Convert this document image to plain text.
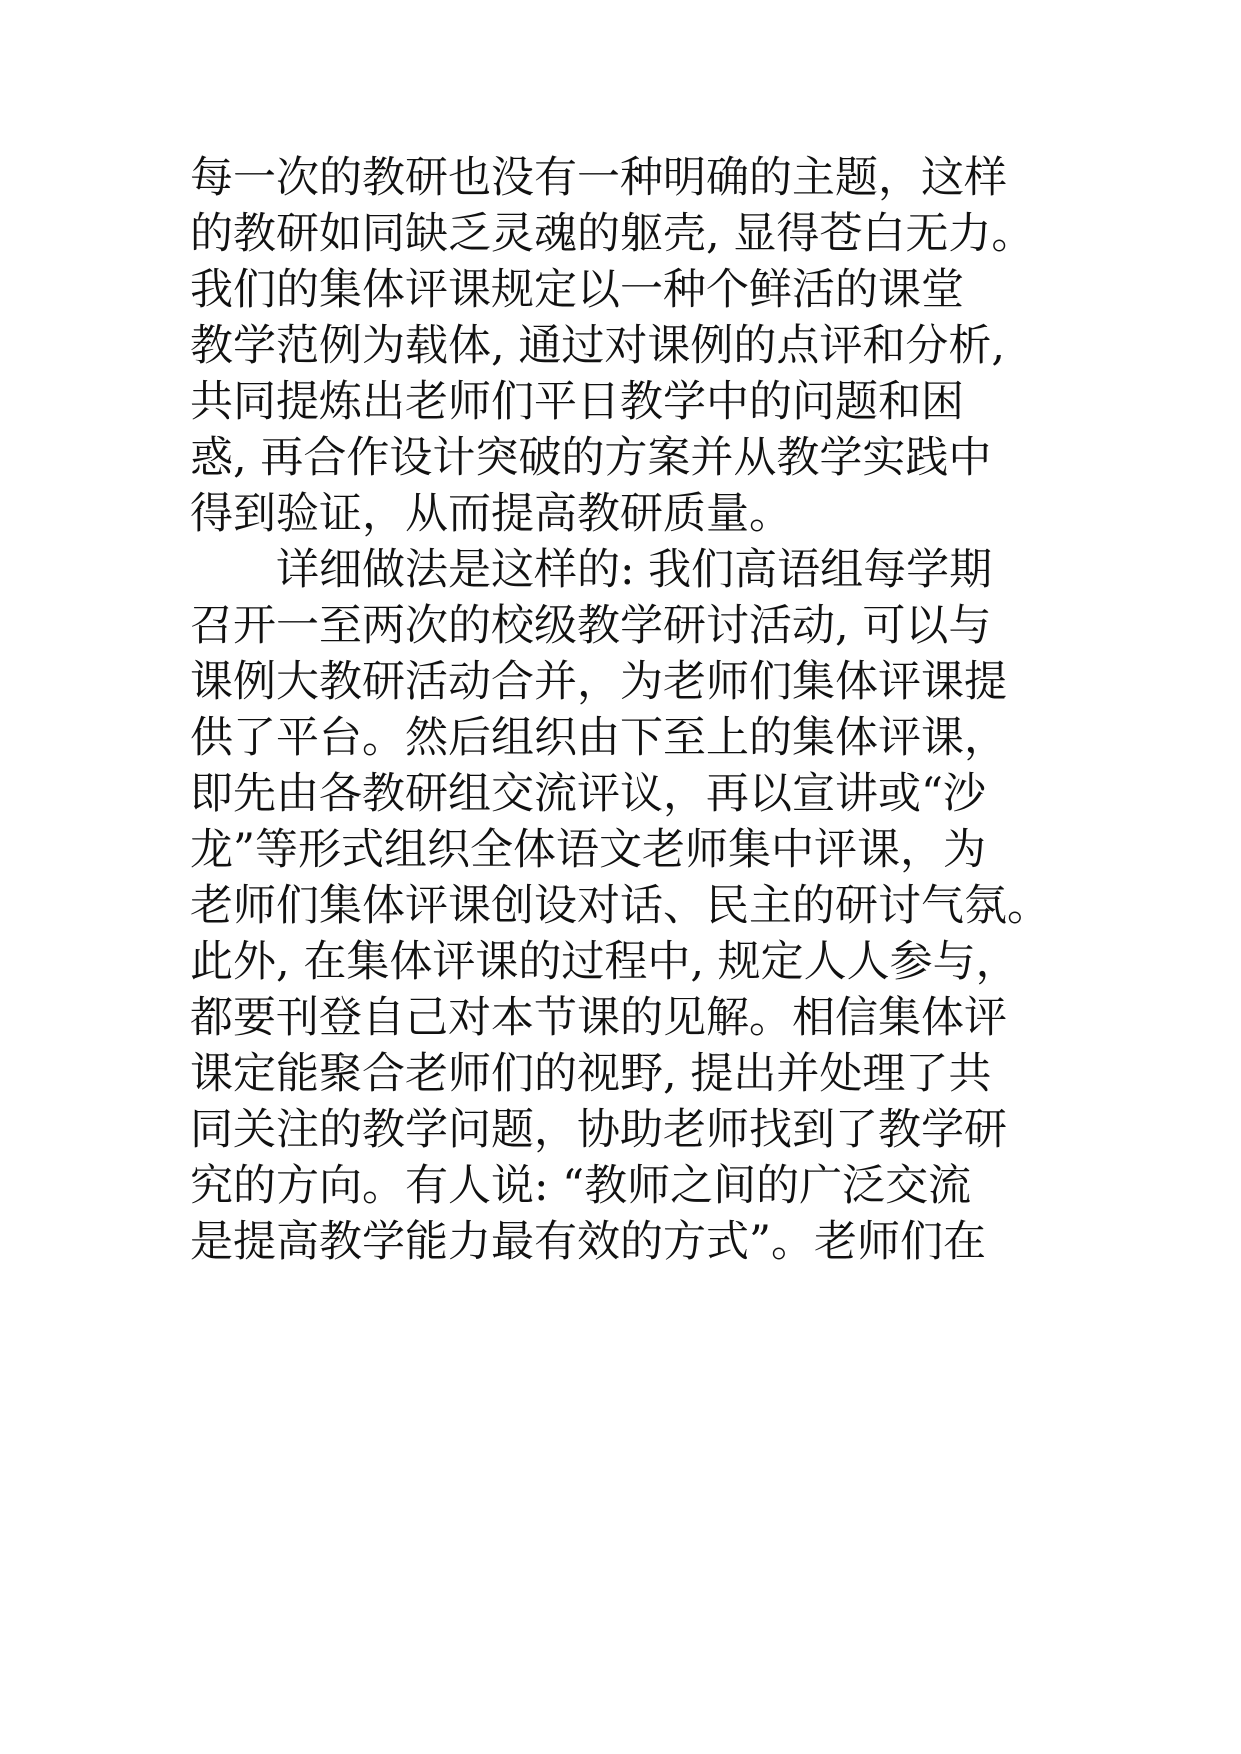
每一次的教研也没有一种明确的主题，这样
的教研如同缺乏灵魂的躯壳, 显得苍白无力。
我们的集体评课规定以一种个鲜活的课堂
教学范例为载体, 通过对课例的点评和分析,
共同提炼出老师们平日教学中的问题和困
惑, 再合作设计突破的方案并从教学实践中
得到验证，从而提高教研质量。
详细做法是这样的: 我们高语组每学期
召开一至两次的校级教学研讨活动, 可以与
课例大教研活动合并，为老师们集体评课提
供了平台。然后组织由下至上的集体评课，
即先由各教研组交流评议，再以宣讲或“沙
龙”等形式组织全体语文老师集中评课，为
老师们集体评课创设对话、民主的研讨气氛。
此外, 在集体评课的过程中, 规定人人参与，
都要刊登自己对本节课的见解。相信集体评
课定能聚合老师们的视野, 提出并处理了共
同关注的教学问题，协助老师找到了教学研
究的方向。有人说: “教师之间的广泛交流
是提高教学能力最有效的方式”。老师们在
